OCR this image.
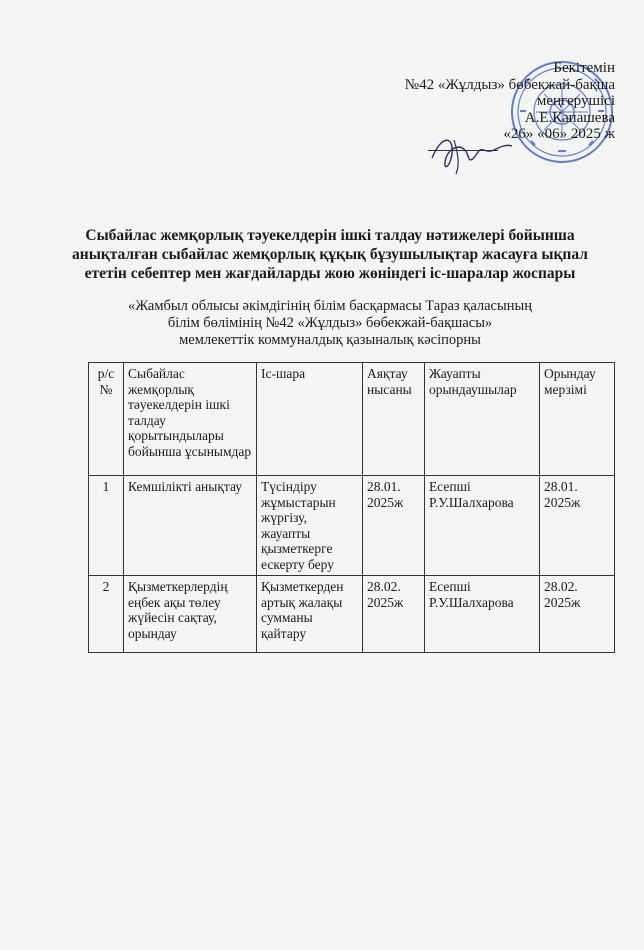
Бекітемін
№42 «Жұлдыз» бөбекжай-бақша
меңгерушісі
А.Е.Капашева
«26» «06» 2025 ж
Сыбайлас жемқорлық тәуекелдерін ішкі талдау нәтижелері бойынша
анықталған сыбайлас жемқорлық құқық бұзушылықтар жасауға ықпал
ететін себептер мен жағдайларды жою жөніндегі іс-шаралар жоспары
«Жамбыл облысы әкімдігінің білім басқармасы Тараз қаласының
білім бөлімінің №42 «Жұлдыз» бөбекжай-бақшасы»
мемлекеттік коммуналдық қазыналық кәсіпорны
р/с №	Сыбайлас жемқорлық тәуекелдерін ішкі талдау қорытындылары бойынша ұсынымдар	Іс-шара	Аяқтау нысаны	Жауапты орындаушылар	Орындау мерзімі
1	Кемшілікті анықтау	Түсіндіру жұмыстарын жүргізу, жауапты қызметкерге ескерту беру	28.01. 2025ж	Есепші Р.У.Шалхарова	28.01. 2025ж
2	Қызметкерлердің еңбек ақы төлеу жүйесін сақтау, орындау	Қызметкерден артық жалақы сумманы қайтару	28.02. 2025ж	Есепші Р.У.Шалхарова	28.02. 2025ж
